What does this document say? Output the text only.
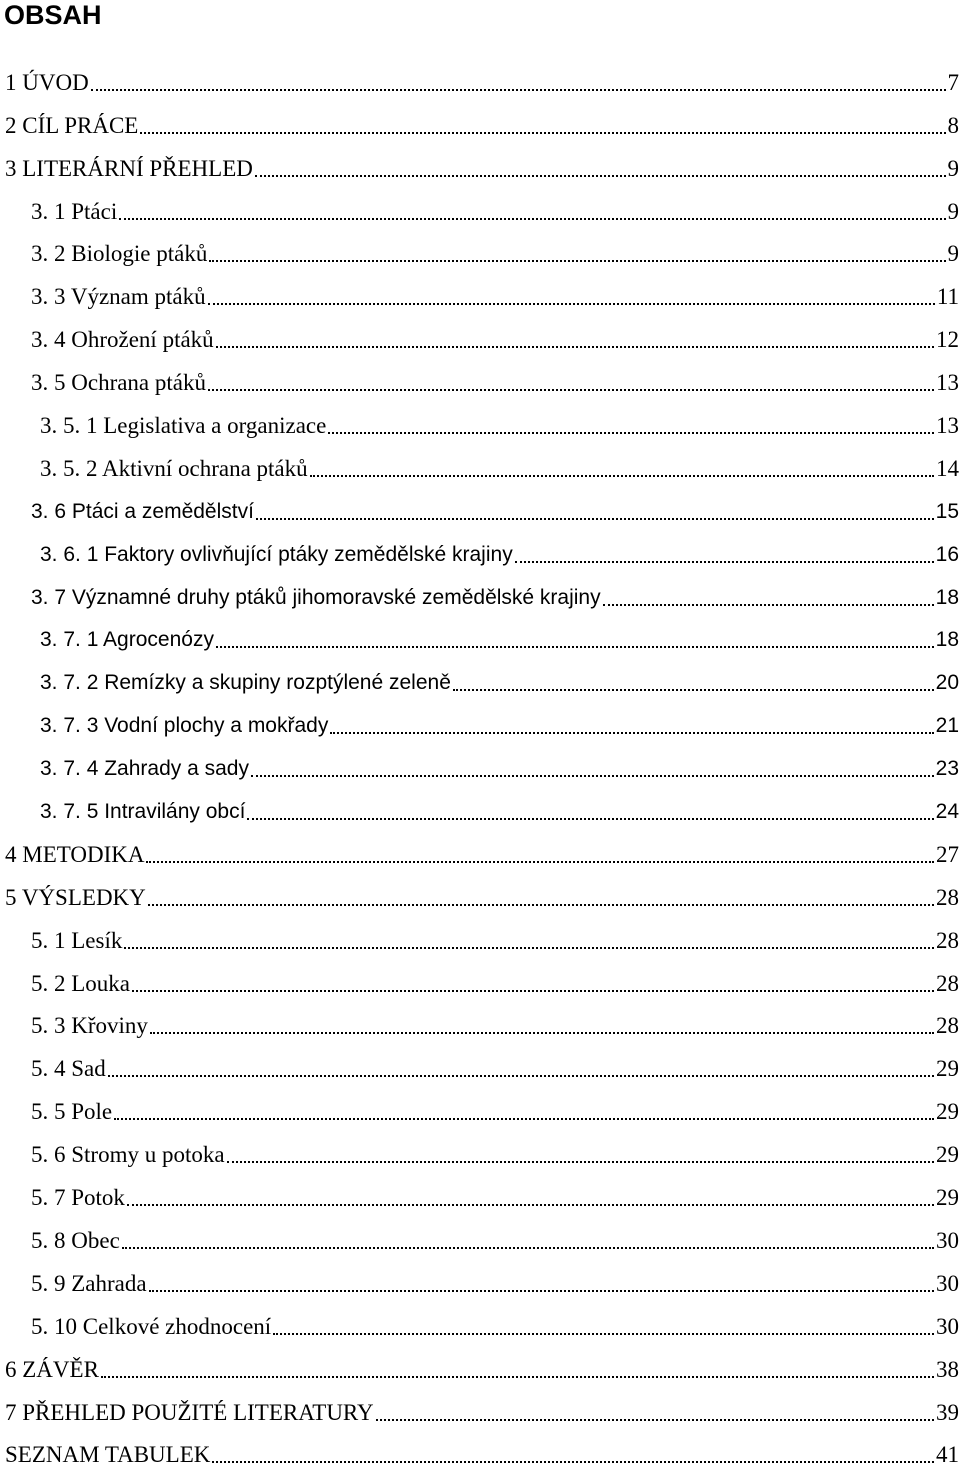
OBSAH
1 ÚVOD	7
2 CÍL PRÁCE	8
3 LITERÁRNÍ PŘEHLED	9
3. 1 Ptáci	9
3. 2 Biologie ptáků	9
3. 3 Význam ptáků	11
3. 4 Ohrožení ptáků	12
3. 5 Ochrana ptáků	13
3. 5. 1 Legislativa a organizace	13
3. 5. 2 Aktivní ochrana ptáků	14
3. 6 Ptáci a zemědělství	15
3. 6. 1 Faktory ovlivňující ptáky zemědělské krajiny	16
3. 7 Významné druhy ptáků jihomoravské zemědělské krajiny	18
3. 7. 1 Agrocenózy	18
3. 7. 2 Remízky a skupiny rozptýlené zeleně	20
3. 7. 3 Vodní plochy a mokřady	21
3. 7. 4 Zahrady a sady	23
3. 7. 5 Intravilány obcí	24
4 METODIKA	27
5 VÝSLEDKY	28
5. 1 Lesík	28
5. 2 Louka	28
5. 3 Křoviny	28
5. 4 Sad	29
5. 5 Pole	29
5. 6 Stromy u potoka	29
5. 7 Potok	29
5. 8 Obec	30
5. 9 Zahrada	30
5. 10 Celkové zhodnocení	30
6 ZÁVĚR	38
7 PŘEHLED POUŽITÉ LITERATURY	39
SEZNAM TABULEK	41
